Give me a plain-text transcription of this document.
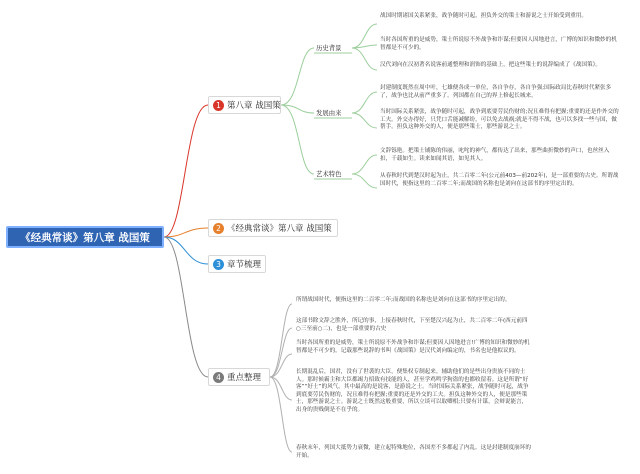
《经典常谈》第八章 战国策
1 第八章 战国策
2 《经典常谈》第八章 战国策
3 章节梳理
4 重点整理
历史背景
发展由来
艺术特色
战国时期诸国关系紧张，战争随时可起，担负外交的策士和游说之士开始受到重用。
当时各国所重的是威势，策士所说原不外战争和诈谋;但要因人因地进言，广博的知识和微妙的机智都是不可少的。
汉代刘向在汉初著名说客前通整理和润饰的基础上，把这些策士的说辞编成了《战国策》。
封建制度既然在周中叶，七雄便各成一单位，各自争存，各自争强;国际政局比春秋时代紧张多了，战争也比从前严重多了。列国都在自己的界上修起长城来。
当时国际关系紧张，战争随时可起，战争到底要劳民伤财的;况且难得有把握;重要的还是作外交的工夫。外交办得好，只凭口舌能减解纷，可以免去战祸;就是不得不战，也可以多找一些与国，做帮手。担负这种外交的人，便是那些策士，那些游说之士。
文辞铄艳。把策士铺陈的伟丽，叱咤的神气，都传达了出来，那些曲折微妙的声口，也丝丝入扣，千载如生。读来如闻其语，如见其人。
从春秋时代到楚汉时起为止，共二百零二年(公元前403—前202年)，是一部重要的古史。所谓战国时代，便指这里的二百零二年;而战国的名称也是刘向在这部书的序里定出的。
所谓战国时代，便指这里的二百零二年;而战国的名称也是刘向在这部书的序里定出的。
这部书除文辞之胜外，所记的事，上接春秋时代，下至楚汉兴起为止，共二百零二年(西元前四○三至前○二)，也是一部重要的古史
当时各国所重的是威势，策士所说原不外战争和诈谋;但要因人因地进言!广博的知识和微妙的机智都是不可少的。记载那些说辞的书叫《战国策》是汉代刘向编定的，书名也是他拟议的。
长期混乱后，国君，没有了世袭的大臣，便集权专制起来。辅助他们的是些出身贵族不同的士人。那时候霸主和大臣都竭力招致有技能的人，甚至学鸡鸣学狗盗的也都收留着。这是所谓“好客”“好士”的风气。其中最高的是说客，是游说之士。当时国际关系紧张，战争随时可起，战争到底要劳民伤财的，况且难得有把握;重要的还是外交的工夫。担负这种外交的人，便是那些策士，那些游说之士。游说之士既然这般重要，所以立谈可以取卿相;只要有计谋，会辩说能言，出身的贵贱倒是不在乎的。
春秋末年，列国大抵势力衰微，建立起特殊地位，各国差不多都起了内乱。这是封建制度崩坏的开始。
